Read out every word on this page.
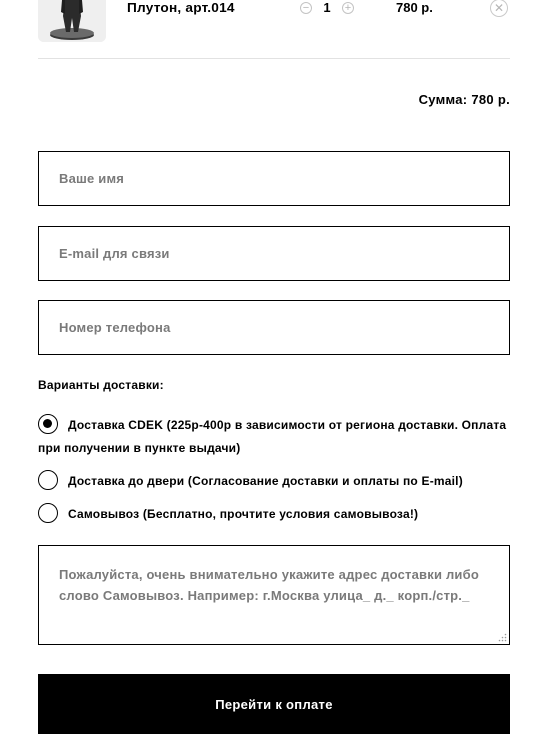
Плутон, арт.014	−	1	+	780 р.	✕
Сумма: 780 р.
Ваше имя
E-mail для связи
Номер телефона
Варианты доставки:

Доставка CDEK (225р-400р в зависимости от региона доставки. Оплата при получении в пункте выдачи)

Доставка до двери (Согласование доставки и оплаты по E-mail)

Самовывоз (Бесплатно, прочтите условия самовывоза!)

Пожалуйста, очень внимательно укажите адрес доставки либо слово Самовывоз. Например: г.Москва улица_ д._ корп./стр._
Перейти к оплате
